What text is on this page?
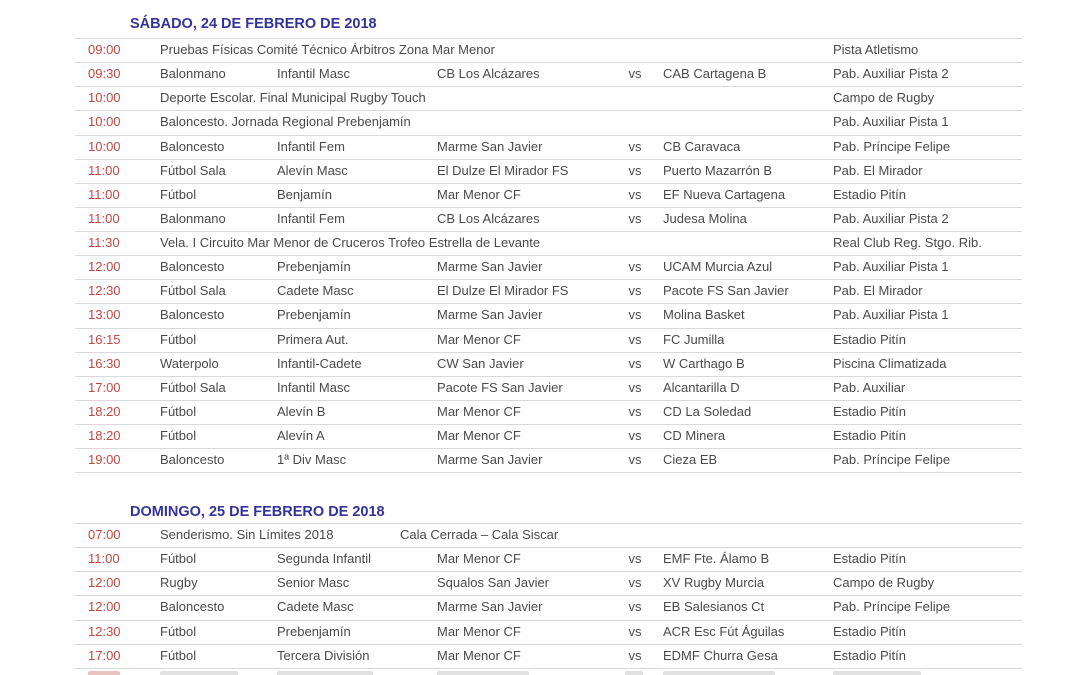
SÁBADO, 24 DE FEBRERO DE 2018
09:00	Pruebas Físicas Comité Técnico Árbitros Zona Mar Menor	Pista Atletismo
09:30	Balonmano	Infantil Masc	CB Los Alcázares	vs	CAB Cartagena B	Pab. Auxiliar Pista 2
10:00	Deporte Escolar. Final Municipal Rugby Touch	Campo de Rugby
10:00	Baloncesto. Jornada Regional Prebenjamín	Pab. Auxiliar Pista 1
10:00	Baloncesto	Infantil Fem	Marme San Javier	vs	CB Caravaca	Pab. Príncipe Felipe
11:00	Fútbol Sala	Alevín Masc	El Dulze El Mirador FS	vs	Puerto Mazarrón B	Pab. El Mirador
11:00	Fútbol	Benjamín	Mar Menor CF	vs	EF Nueva Cartagena	Estadio Pitín
11:00	Balonmano	Infantil Fem	CB Los Alcázares	vs	Judesa Molina	Pab. Auxiliar Pista 2
11:30	Vela. I Circuito Mar Menor de Cruceros Trofeo Estrella de Levante	Real Club Reg. Stgo. Rib.
12:00	Baloncesto	Prebenjamín	Marme San Javier	vs	UCAM Murcia Azul	Pab. Auxiliar Pista 1
12:30	Fútbol Sala	Cadete Masc	El Dulze El Mirador FS	vs	Pacote FS San Javier	Pab. El Mirador
13:00	Baloncesto	Prebenjamín	Marme San Javier	vs	Molina Basket	Pab. Auxiliar Pista 1
16:15	Fútbol	Primera Aut.	Mar Menor CF	vs	FC Jumilla	Estadio Pitín
16:30	Waterpolo	Infantil-Cadete	CW San Javier	vs	W Carthago B	Piscina Climatizada
17:00	Fútbol Sala	Infantil Masc	Pacote FS San Javier	vs	Alcantarilla D	Pab. Auxiliar
18:20	Fútbol	Alevín B	Mar Menor CF	vs	CD La Soledad	Estadio Pitín
18:20	Fútbol	Alevín A	Mar Menor CF	vs	CD Minera	Estadio Pitín
19:00	Baloncesto	1ª Div Masc	Marme San Javier	vs	Cieza EB	Pab. Príncipe Felipe
DOMINGO, 25 DE FEBRERO DE 2018
07:00	Senderismo. Sin Límites 2018	Cala Cerrada – Cala Siscar
11:00	Fútbol	Segunda Infantil	Mar Menor CF	vs	EMF Fte. Álamo B	Estadio Pitín
12:00	Rugby	Senior Masc	Squalos San Javier	vs	XV Rugby Murcia	Campo de Rugby
12:00	Baloncesto	Cadete Masc	Marme San Javier	vs	EB Salesianos Ct	Pab. Príncipe Felipe
12:30	Fútbol	Prebenjamín	Mar Menor CF	vs	ACR Esc Fút Águilas	Estadio Pitín
17:00	Fútbol	Tercera División	Mar Menor CF	vs	EDMF Churra Gesa	Estadio Pitín
